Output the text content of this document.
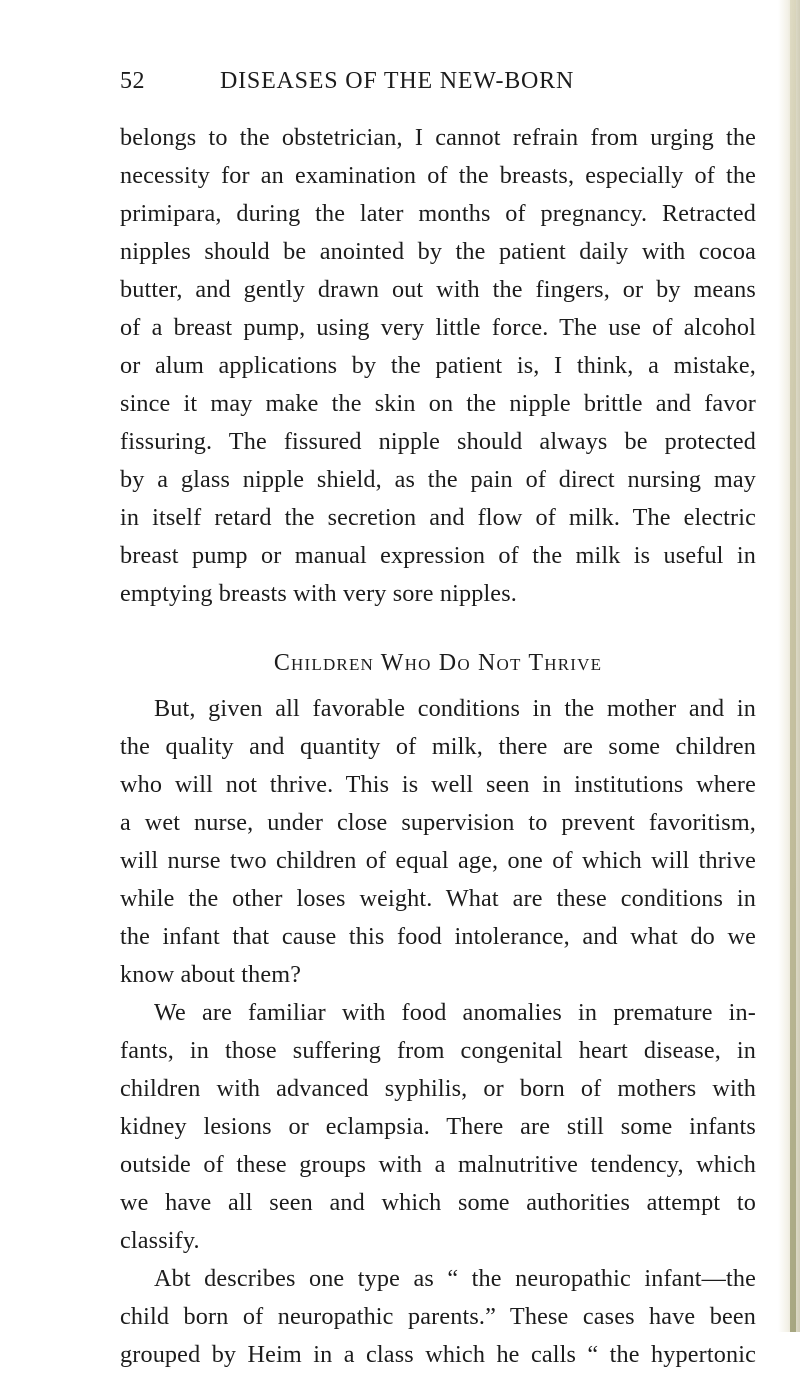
52	DISEASES OF THE NEW-BORN
belongs to the obstetrician, I cannot refrain from urging the
necessity for an examination of the breasts, especially of the
primipara, during the later months of pregnancy. Retracted
nipples should be anointed by the patient daily with cocoa
butter, and gently drawn out with the fingers, or by means
of a breast pump, using very little force. The use of alcohol
or alum applications by the patient is, I think, a mistake,
since it may make the skin on the nipple brittle and favor
fissuring. The fissured nipple should always be protected
by a glass nipple shield, as the pain of direct nursing may
in itself retard the secretion and flow of milk. The electric
breast pump or manual expression of the milk is useful in
emptying breasts with very sore nipples.
Children Who Do Not Thrive
But, given all favorable conditions in the mother and in
the quality and quantity of milk, there are some children
who will not thrive. This is well seen in institutions where
a wet nurse, under close supervision to prevent favoritism,
will nurse two children of equal age, one of which will thrive
while the other loses weight. What are these conditions in
the infant that cause this food intolerance, and what do we
know about them?
We are familiar with food anomalies in premature in-
fants, in those suffering from congenital heart disease, in
children with advanced syphilis, or born of mothers with
kidney lesions or eclampsia. There are still some infants
outside of these groups with a malnutritive tendency, which
we have all seen and which some authorities attempt to
classify.
Abt describes one type as “ the neuropathic infant—the
child born of neuropathic parents.” These cases have been
grouped by Heim in a class which he calls “ the hypertonic
